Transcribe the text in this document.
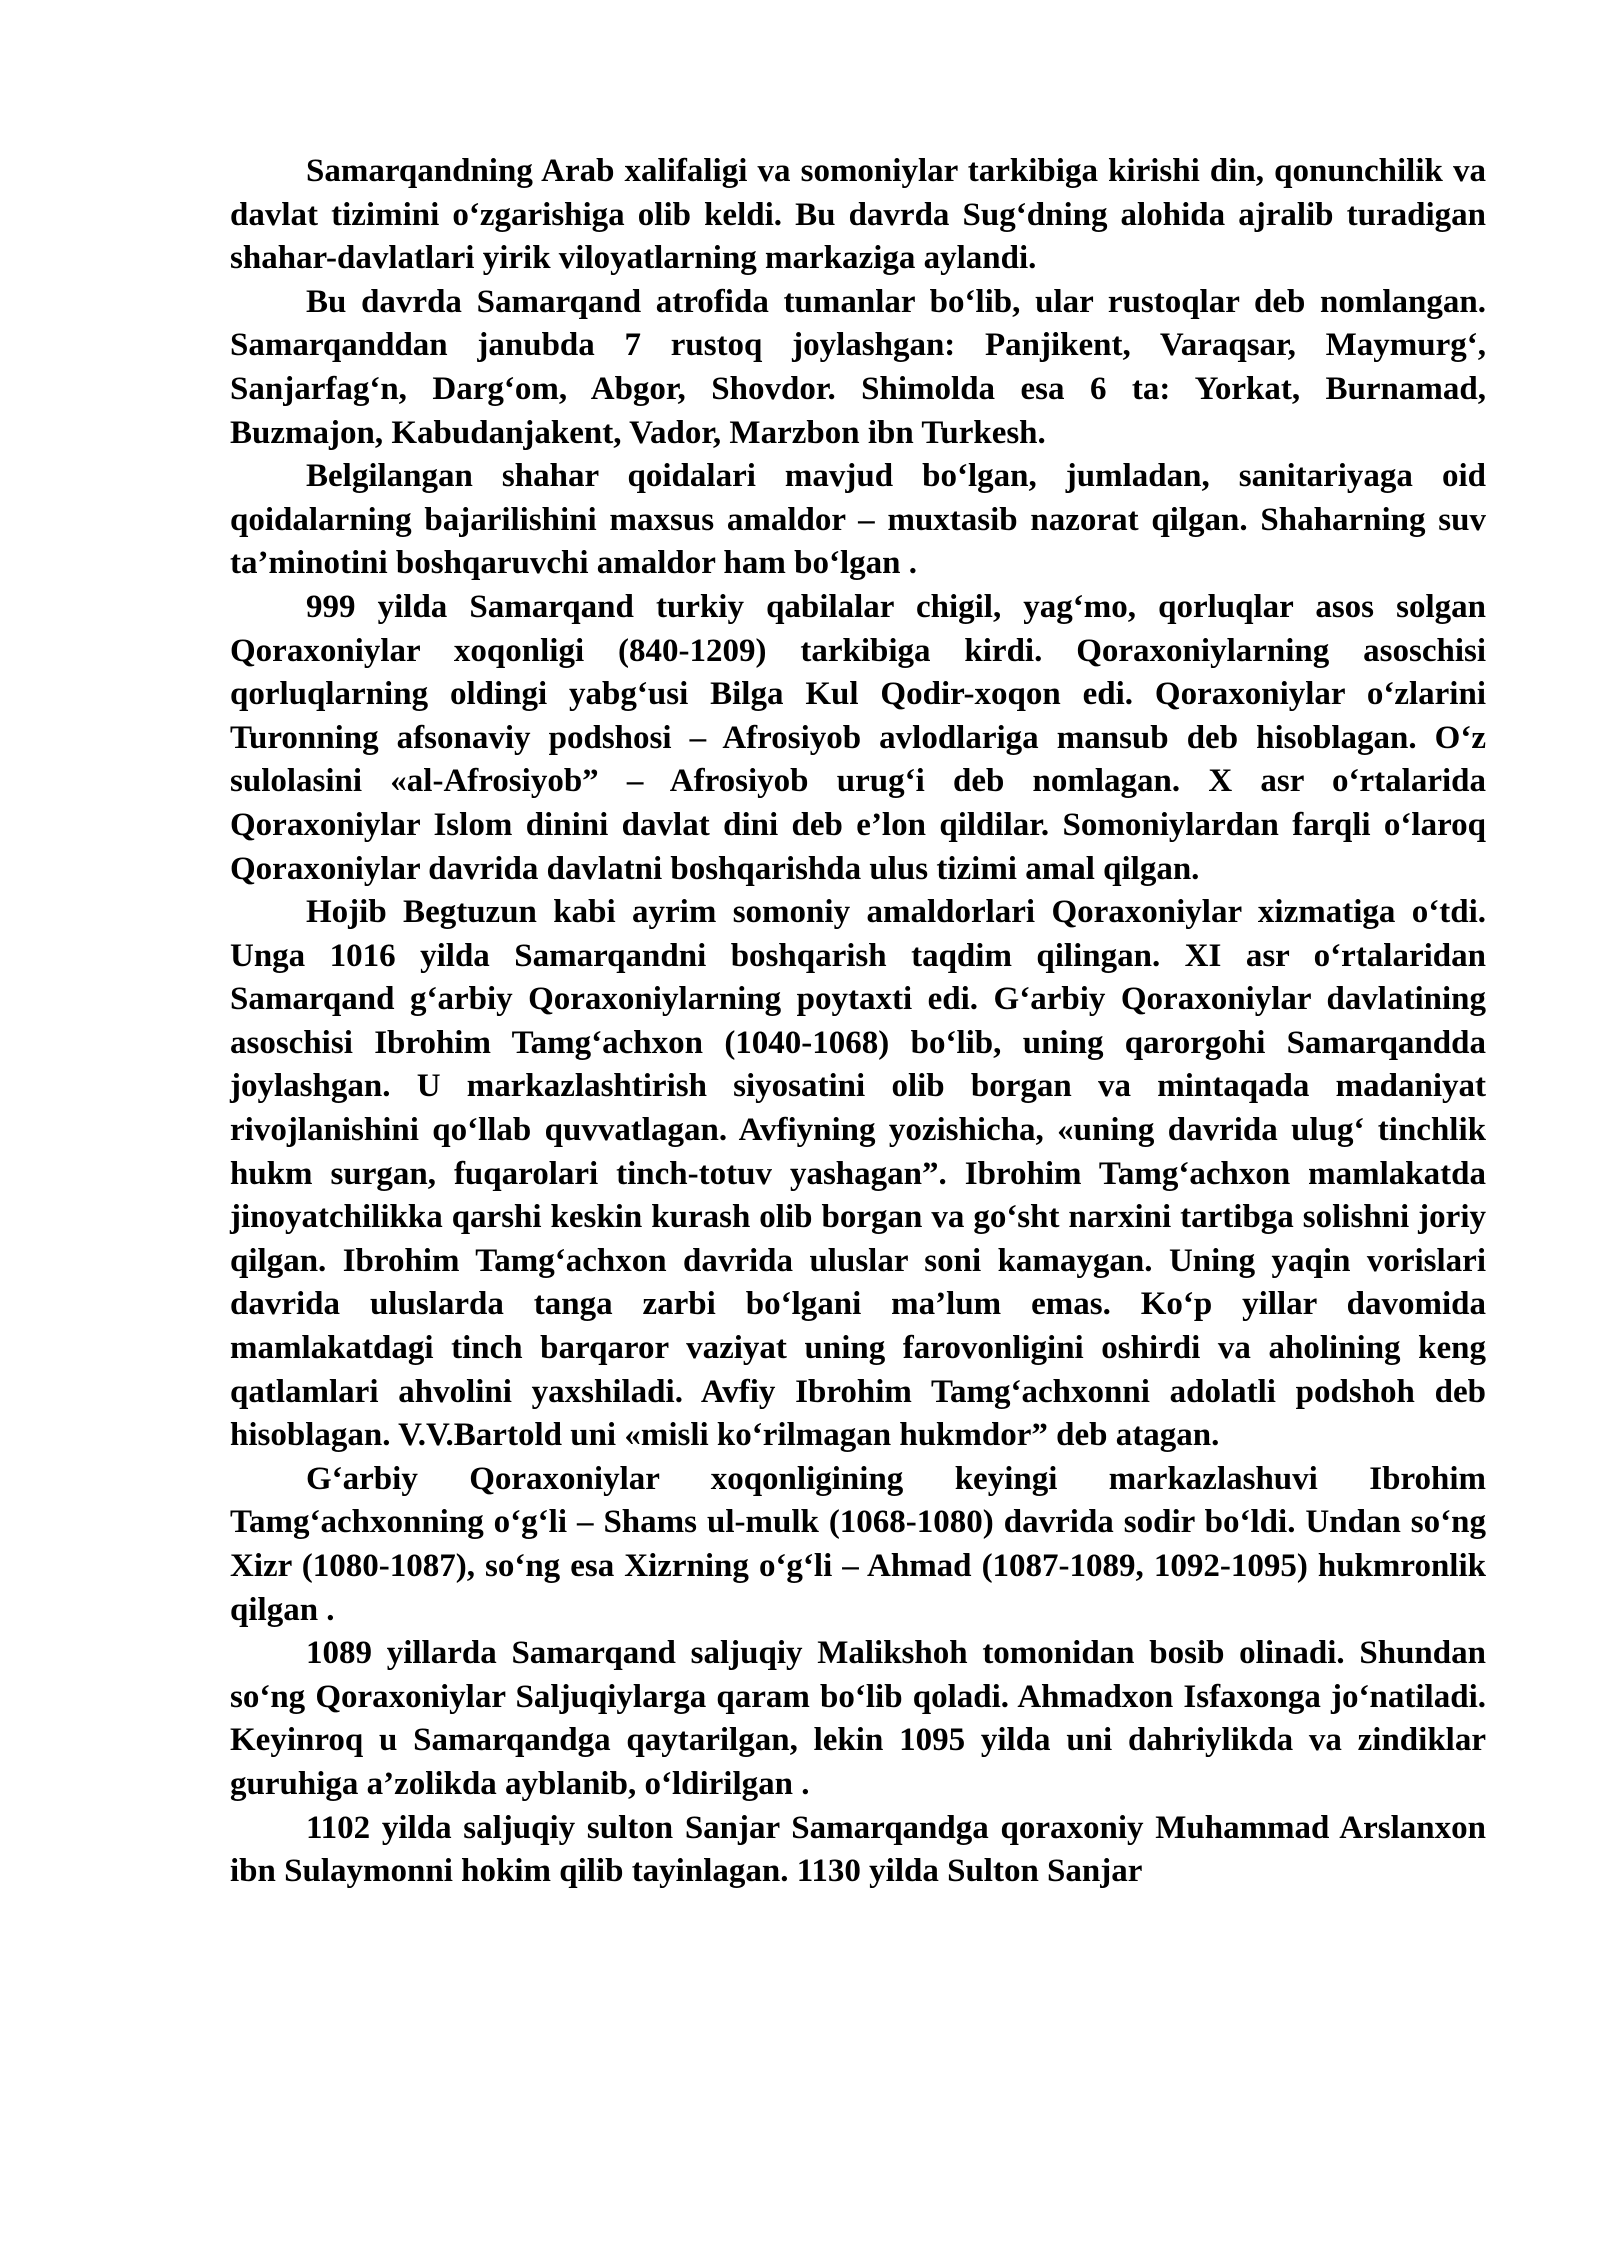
Samarqandning Arab xalifaligi va somoniylar tarkibiga kirishi din, qonunchilik va davlat tizimini o‘zgarishiga olib keldi. Bu davrda Sug‘dning alohida ajralib turadigan shahar-davlatlari yirik viloyatlarning markaziga aylandi.

Bu davrda Samarqand atrofida tumanlar bo‘lib, ular rustoqlar deb nomlangan. Samarqanddan janubda 7 rustoq joylashgan: Panjikent, Varaqsar, Maymurg‘, Sanjarfag‘n, Darg‘om, Abgor, Shovdor. Shimolda esa 6 ta: Yorkat, Burnamad, Buzmajon, Kabudanjakent, Vador, Marzbon ibn Turkesh.

Belgilangan shahar qoidalari mavjud bo‘lgan, jumladan, sanitariyaga oid qoidalarning bajarilishini maxsus amaldor – muxtasib nazorat qilgan. Shaharning suv ta’minotini boshqaruvchi amaldor ham bo‘lgan .

999 yilda Samarqand turkiy qabilalar chigil, yag‘mo, qorluqlar asos solgan Qoraxoniylar xoqonligi (840-1209) tarkibiga kirdi. Qoraxoniylarning asoschisi qorluqlarning oldingi yabg‘usi Bilga Kul Qodir-xoqon edi. Qoraxoniylar o‘zlarini Turonning afsonaviy podshosi – Afrosiyob avlodlariga mansub deb hisoblagan. O‘z sulolasini «al-Afrosiyob” – Afrosiyob urug‘i deb nomlagan. X asr o‘rtalarida Qoraxoniylar Islom dinini davlat dini deb e’lon qildilar. Somoniylardan farqli o‘laroq Qoraxoniylar davrida davlatni boshqarishda ulus tizimi amal qilgan.

Hojib Begtuzun kabi ayrim somoniy amaldorlari Qoraxoniylar xizmatiga o‘tdi. Unga 1016 yilda Samarqandni boshqarish taqdim qilingan. XI asr o‘rtalaridan Samarqand g‘arbiy Qoraxoniylarning poytaxti edi. G‘arbiy Qoraxoniylar davlatining asoschisi Ibrohim Tamg‘achxon (1040-1068) bo‘lib, uning qarorgohi Samarqandda joylashgan. U markazlashtirish siyosatini olib borgan va mintaqada madaniyat rivojlanishini qo‘llab quvvatlagan. Avfiyning yozishicha, «uning davrida ulug‘ tinchlik hukm surgan, fuqarolari tinch-totuv yashagan”. Ibrohim Tamg‘achxon mamlakatda jinoyatchilikka qarshi keskin kurash olib borgan va go‘sht narxini tartibga solishni joriy qilgan. Ibrohim Tamg‘achxon davrida uluslar soni kamaygan. Uning yaqin vorislari davrida uluslarda tanga zarbi bo‘lgani ma’lum emas. Ko‘p yillar davomida mamlakatdagi tinch barqaror vaziyat uning farovonligini oshirdi va aholining keng qatlamlari ahvolini yaxshiladi. Avfiy Ibrohim Tamg‘achxonni adolatli podshoh deb hisoblagan. V.V.Bartold uni «misli ko‘rilmagan hukmdor” deb atagan.

G‘arbiy Qoraxoniylar xoqonligining keyingi markazlashuvi Ibrohim Tamg‘achxonning o‘g‘li – Shams ul-mulk (1068-1080) davrida sodir bo‘ldi. Undan so‘ng Xizr (1080-1087), so‘ng esa Xizrning o‘g‘li – Ahmad (1087-1089, 1092-1095) hukmronlik qilgan .

1089 yillarda Samarqand saljuqiy Malikshoh tomonidan bosib olinadi. Shundan so‘ng Qoraxoniylar Saljuqiylarga qaram bo‘lib qoladi. Ahmadxon Isfaxonga jo‘natiladi. Keyinroq u Samarqandga qaytarilgan, lekin 1095 yilda uni dahriylikda va zindiklar guruhiga a’zolikda ayblanib, o‘ldirilgan .

1102 yilda saljuqiy sulton Sanjar Samarqandga qoraxoniy Muhammad Arslanxon ibn Sulaymonni hokim qilib tayinlagan. 1130 yilda Sulton Sanjar
